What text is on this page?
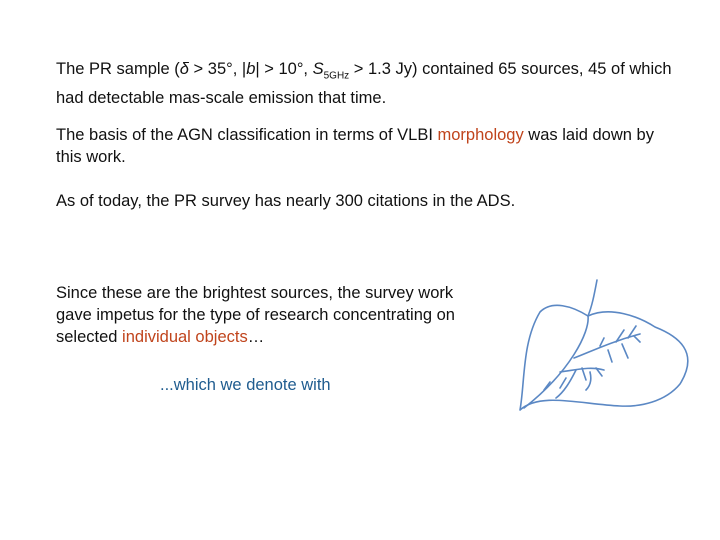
The PR sample (δ > 35°, |b| > 10°, $S_{5GHz} > 1.3$ Jy) contained 65 sources, 45 of which had detectable mas-scale emission that time.

The basis of the AGN classification in terms of VLBI morphology was laid down by this work.

As of today, the PR survey has nearly 300 citations in the ADS.

Since these are the brightest sources, the survey work gave impetus for the type of research concentrating on selected individual objects…

...which we denote with
